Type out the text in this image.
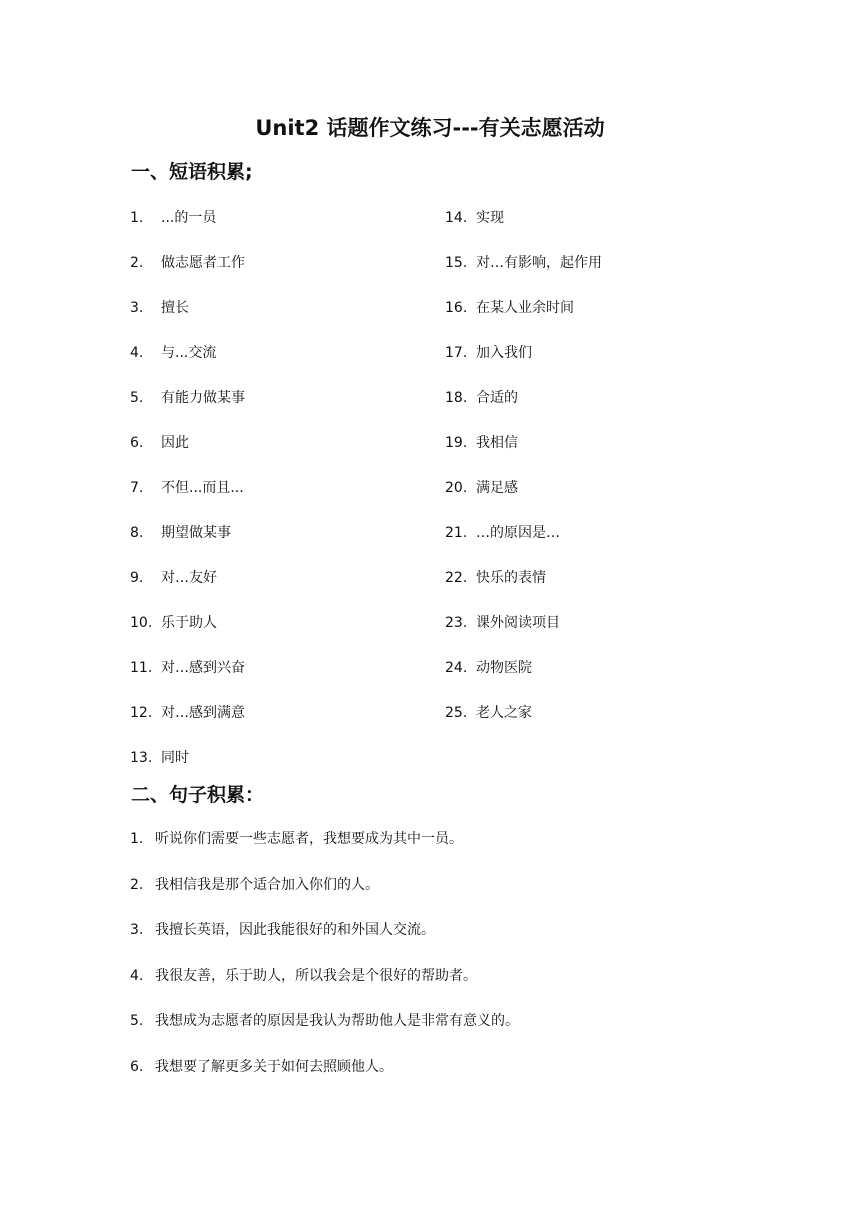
Unit2 话题作文练习---有关志愿活动
一、短语积累;
1. ...的一员
2. 做志愿者工作
3. 擅长
4. 与...交流
5. 有能力做某事
6. 因此
7. 不但...而且...
8. 期望做某事
9. 对…友好
10. 乐于助人
11. 对…感到兴奋
12. 对…感到满意
13. 同时
14. 实现
15. 对…有影响，起作用
16. 在某人业余时间
17. 加入我们
18. 合适的
19. 我相信
20. 满足感
21. …的原因是…
22. 快乐的表情
23. 课外阅读项目
24. 动物医院
25. 老人之家
二、句子积累：
1. 听说你们需要一些志愿者，我想要成为其中一员。
2. 我相信我是那个适合加入你们的人。
3. 我擅长英语，因此我能很好的和外国人交流。
4. 我很友善，乐于助人，所以我会是个很好的帮助者。
5. 我想成为志愿者的原因是我认为帮助他人是非常有意义的。
6. 我想要了解更多关于如何去照顾他人。
